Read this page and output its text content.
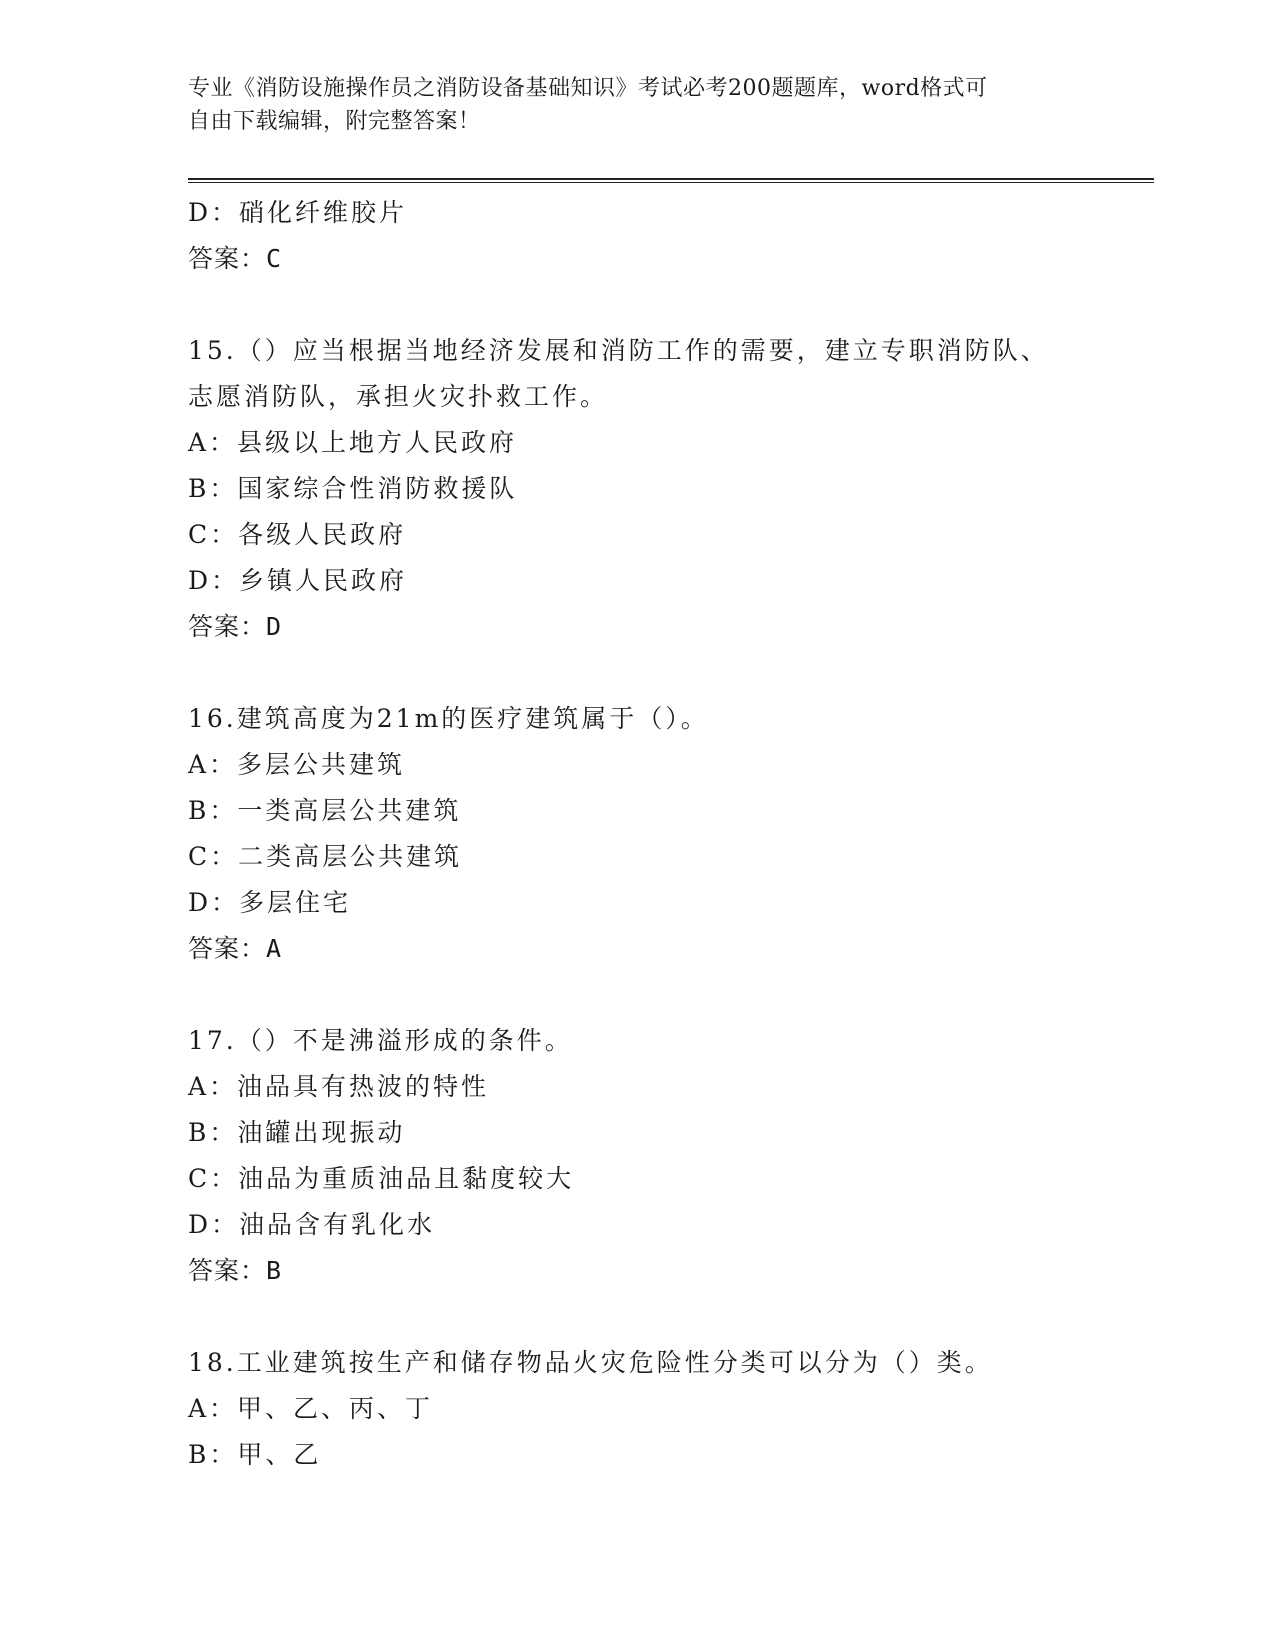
专业《消防设施操作员之消防设备基础知识》考试必考200题题库，word格式可
自由下载编辑，附完整答案！
D：硝化纤维胶片
答案：C
15.（）应当根据当地经济发展和消防工作的需要，建立专职消防队、
志愿消防队，承担火灾扑救工作。
A：县级以上地方人民政府
B：国家综合性消防救援队
C：各级人民政府
D：乡镇人民政府
答案：D
16.建筑高度为21m的医疗建筑属于（）。
A：多层公共建筑
B：一类高层公共建筑
C：二类高层公共建筑
D：多层住宅
答案：A
17.（）不是沸溢形成的条件。
A：油品具有热波的特性
B：油罐出现振动
C：油品为重质油品且黏度较大
D：油品含有乳化水
答案：B
18.工业建筑按生产和储存物品火灾危险性分类可以分为（）类。
A：甲、乙、丙、丁
B：甲、乙
